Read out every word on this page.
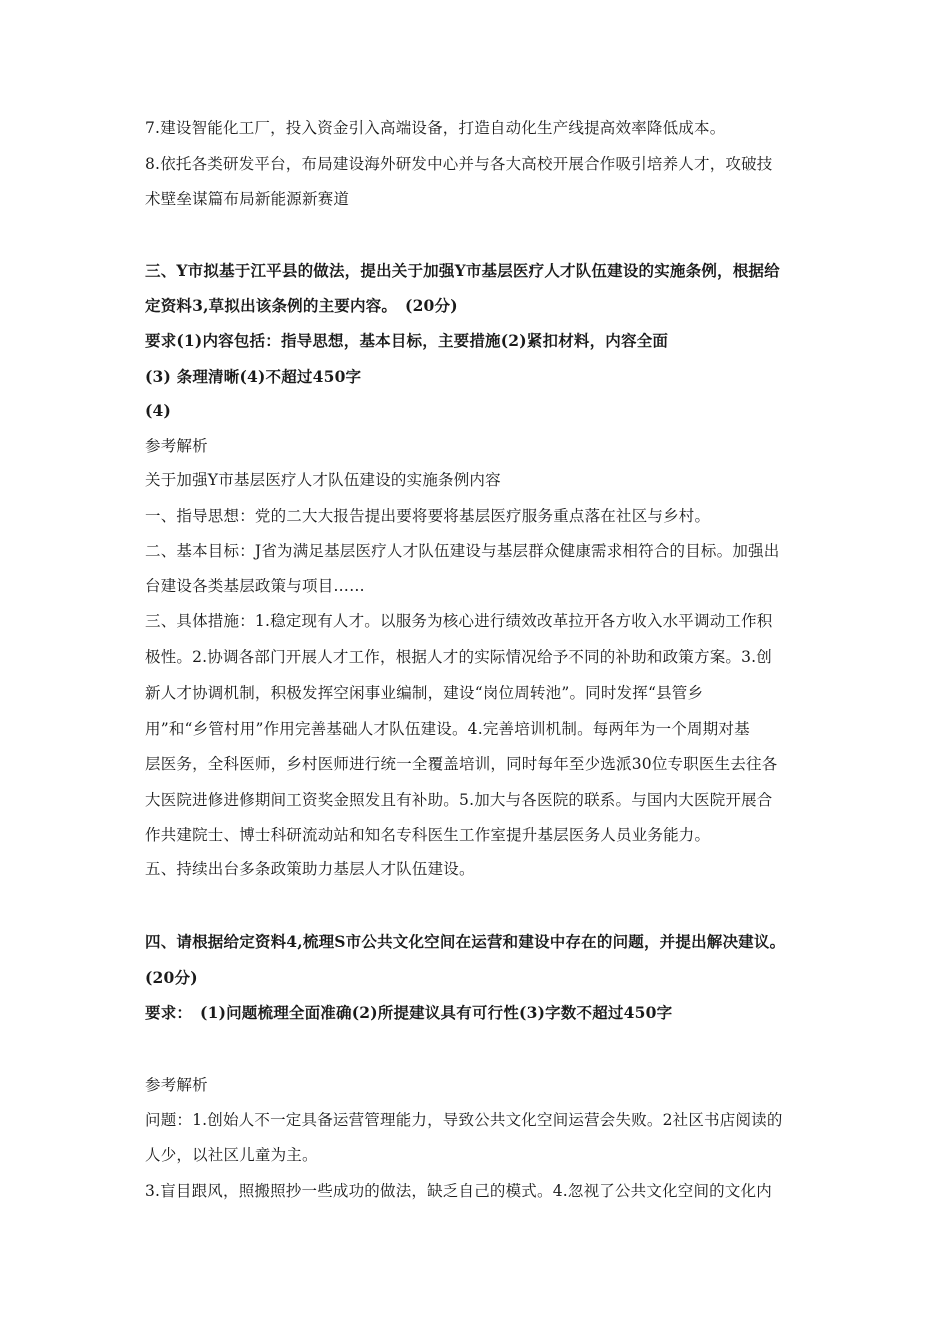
7.建设智能化工厂，投入资金引入高端设备，打造自动化生产线提高效率降低成本。
8.依托各类研发平台，布局建设海外研发中心并与各大高校开展合作吸引培养人才，攻破技
术壁垒谋篇布局新能源新赛道
三、Y市拟基于江平县的做法，提出关于加强Y市基层医疗人才队伍建设的实施条例，根据给
定资料3,草拟出该条例的主要内容。　(20分)
要求(1)内容包括：指导思想，基本目标，主要措施(2)紧扣材料，内容全面
(3) 条理清晰(4)不超过450字
(4)
参考解析
关于加强Y市基层医疗人才队伍建设的实施条例内容
一、指导思想：党的二大大报告提出要将要将基层医疗服务重点落在社区与乡村。
二、基本目标：J省为满足基层医疗人才队伍建设与基层群众健康需求相符合的目标。加强出
台建设各类基层政策与项目……
三、具体措施：1.稳定现有人才。以服务为核心进行绩效改革拉开各方收入水平调动工作积
极性。2.协调各部门开展人才工作，根据人才的实际情况给予不同的补助和政策方案。3.创
新人才协调机制，积极发挥空闲事业编制，建设“岗位周转池”。同时发挥“县管乡
用”和“乡管村用”作用完善基础人才队伍建设。4.完善培训机制。每两年为一个周期对基
层医务，全科医师，乡村医师进行统一全覆盖培训，同时每年至少选派30位专职医生去往各
大医院进修进修期间工资奖金照发且有补助。5.加大与各医院的联系。与国内大医院开展合
作共建院士、博士科研流动站和知名专科医生工作室提升基层医务人员业务能力。
五、持续出台多条政策助力基层人才队伍建设。
四、请根据给定资料4,梳理S市公共文化空间在运营和建设中存在的问题，并提出解决建议。
(20分)
要求：　(1)问题梳理全面准确(2)所提建议具有可行性(3)字数不超过450字
参考解析
问题：1.创始人不一定具备运营管理能力，导致公共文化空间运营会失败。2社区书店阅读的
人少，以社区儿童为主。
3.盲目跟风，照搬照抄一些成功的做法，缺乏自己的模式。4.忽视了公共文化空间的文化内
